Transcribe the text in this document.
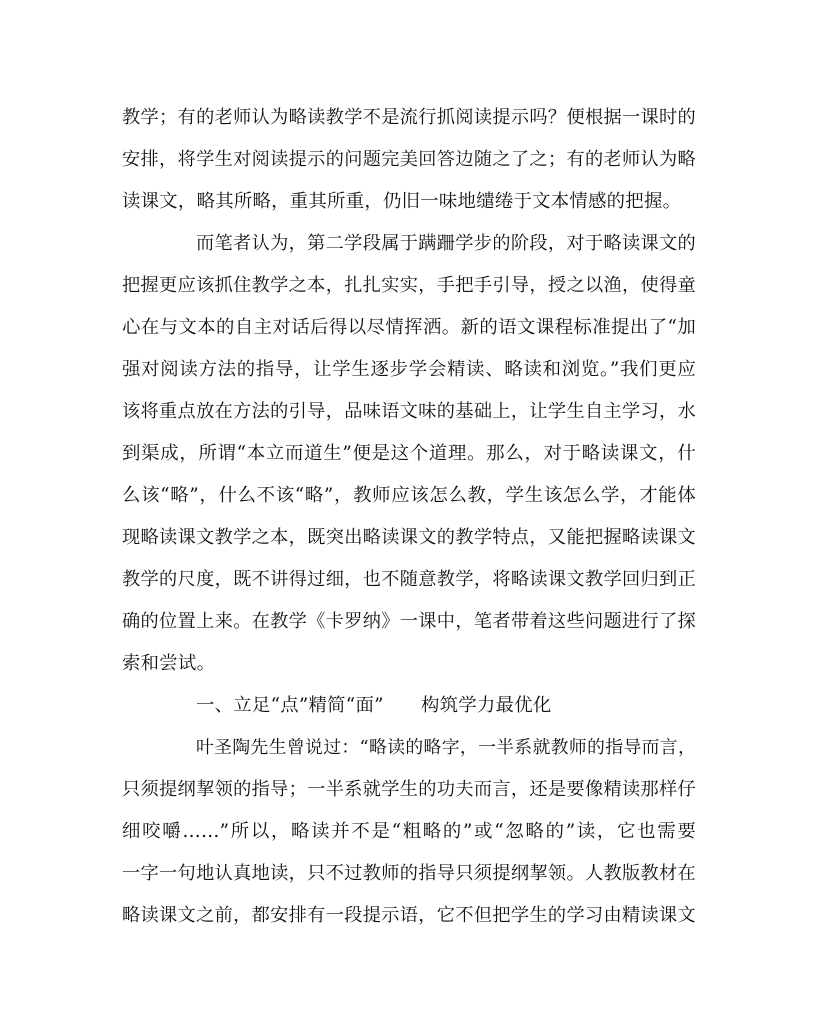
教学；有的老师认为略读教学不是流行抓阅读提示吗？便根据一课时的
安排，将学生对阅读提示的问题完美回答边随之了之；有的老师认为略
读课文，略其所略，重其所重，仍旧一味地缱绻于文本情感的把握。
而笔者认为，第二学段属于蹒跚学步的阶段，对于略读课文的
把握更应该抓住教学之本，扎扎实实，手把手引导，授之以渔，使得童
心在与文本的自主对话后得以尽情挥洒。新的语文课程标准提出了“加
强对阅读方法的指导，让学生逐步学会精读、略读和浏览。”我们更应
该将重点放在方法的引导，品味语文味的基础上，让学生自主学习，水
到渠成，所谓“本立而道生”便是这个道理。那么，对于略读课文，什
么该“略”，什么不该“略”，教师应该怎么教，学生该怎么学，才能体
现略读课文教学之本，既突出略读课文的教学特点，又能把握略读课文
教学的尺度，既不讲得过细，也不随意教学，将略读课文教学回归到正
确的位置上来。在教学《卡罗纳》一课中，笔者带着这些问题进行了探
索和尝试。
一、立足“点”精简“面”　　构筑学力最优化
叶圣陶先生曾说过：“略读的略字，一半系就教师的指导而言，
只须提纲挈领的指导；一半系就学生的功夫而言，还是要像精读那样仔
细咬嚼……”所以，略读并不是“粗略的”或“忽略的”读，它也需要
一字一句地认真地读，只不过教师的指导只须提纲挈领。人教版教材在
略读课文之前，都安排有一段提示语，它不但把学生的学习由精读课文
